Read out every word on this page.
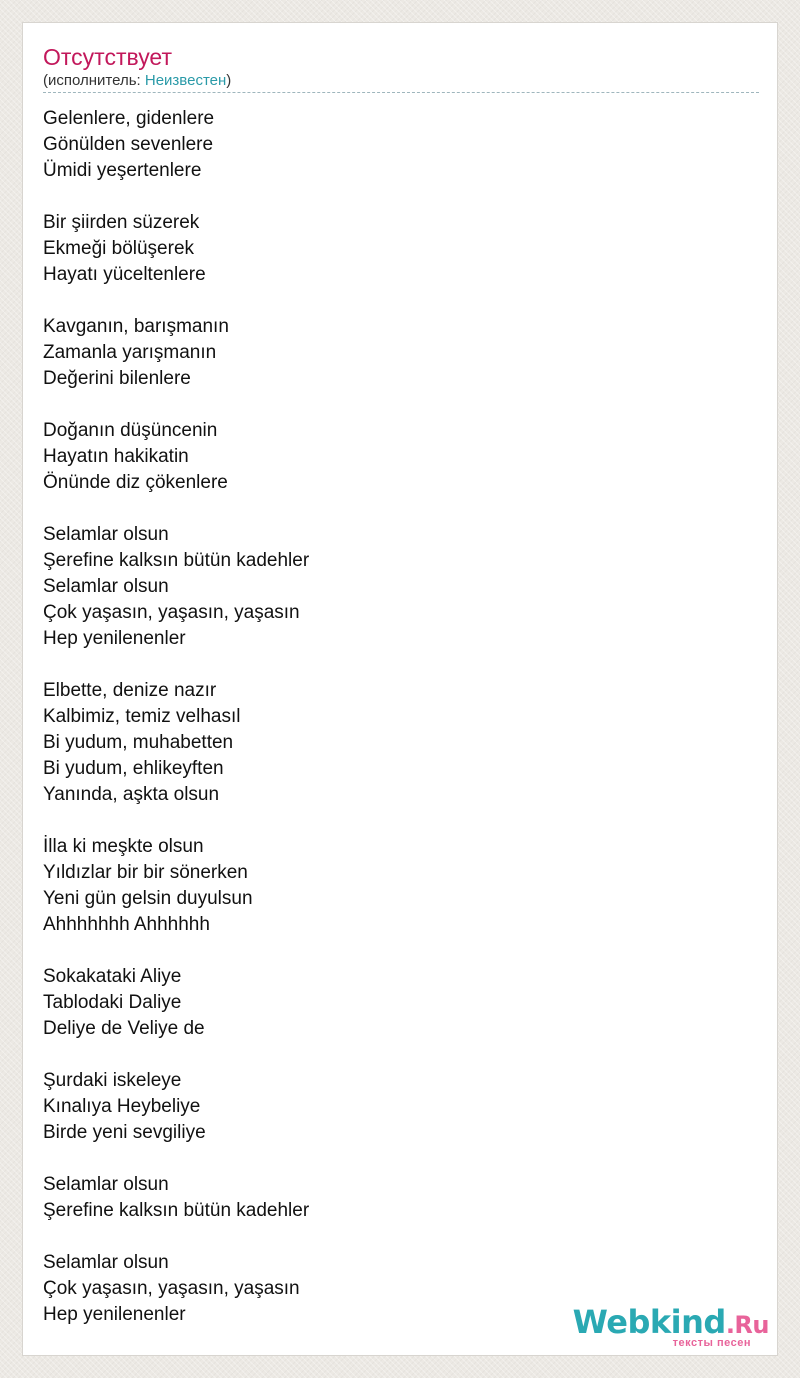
Отсутствует
(исполнитель: Неизвестен)
Gelenlere, gidenlere
Gönülden sevenlere
Ümidi yeşertenlere
Bir şiirden süzerek
Ekmeği bölüşerek
Hayatı yüceltenlere
Kavganın, barışmanın
Zamanla yarışmanın
Değerini bilenlere
Doğanın düşüncenin
Hayatın hakikatin
Önünde diz çökenlere
Selamlar olsun
Şerefine kalksın bütün kadehler
Selamlar olsun
Çok yaşasın, yaşasın, yaşasın
Hep yenilenenler
Elbette, denize nazır
Kalbimiz, temiz velhasıl
Bi yudum, muhabetten
Bi yudum, ehlikeyften
Yanında, aşkta olsun
İlla ki meşkte olsun
Yıldızlar bir bir sönerken
Yeni gün gelsin duyulsun
Ahhhhhhh Ahhhhhh
Sokakataki Aliye
Tablodaki Daliye
Deliye de Veliye de
Şurdaki iskeleye
Kınalıya Heybeliye
Birde yeni sevgiliye
Selamlar olsun
Şerefine kalksın bütün kadehler
Selamlar olsun
Çok yaşasın, yaşasın, yaşasın
Hep yenilenenler	Webkind.Ru
тексты песен
